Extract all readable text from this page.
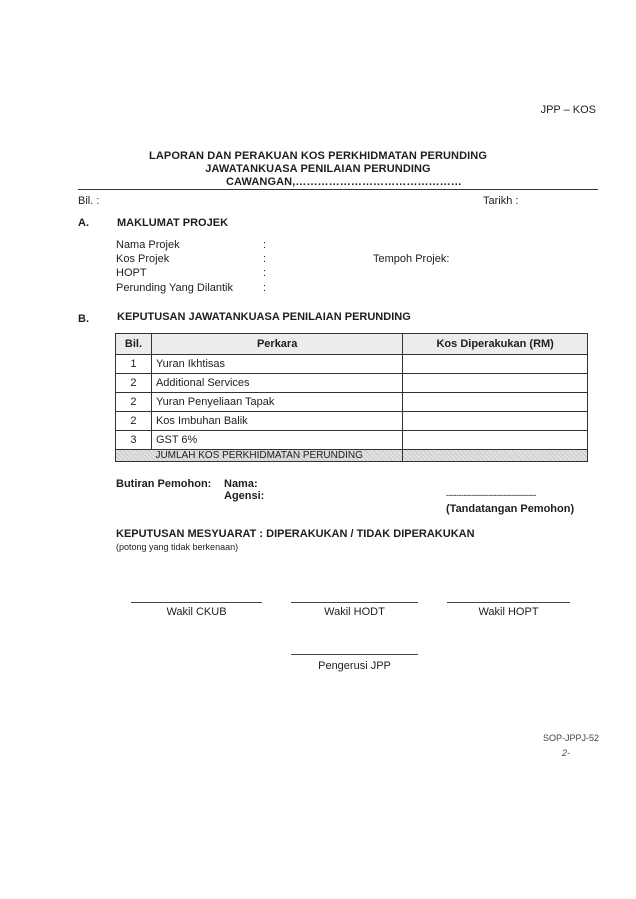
JPP – KOS
LAPORAN DAN PERAKUAN KOS PERKHIDMATAN PERUNDING
JAWATANKUASA PENILAIAN PERUNDING
CAWANGAN,………………………………………
Bil. :	Tarikh :
A.	MAKLUMAT PROJEK
Nama Projek	:
Kos Projek	:
HOPT	:
Perunding Yang Dilantik	:
Tempoh Projek:
B.	KEPUTUSAN JAWATANKUASA PENILAIAN PERUNDING
Bil.	Perkara	Kos Diperakukan (RM)
1	Yuran Ikhtisas	
2	Additional Services	
2	Yuran Penyeliaan Tapak	
2	Kos Imbuhan Balik	
3	GST 6%	
JUMLAH KOS PERKHIDMATAN PERUNDING		
Butiran Pemohon: Nama:
Agensi:	------------------------------------
(Tandatangan Pemohon)
KEPUTUSAN MESYUARAT : DIPERAKUKAN / TIDAK DIPERAKUKAN
(potong yang tidak berkenaan)
Wakil CKUB	Wakil HODT	Wakil HOPT
Pengerusi JPP
SOP-JPPJ-52
2-
